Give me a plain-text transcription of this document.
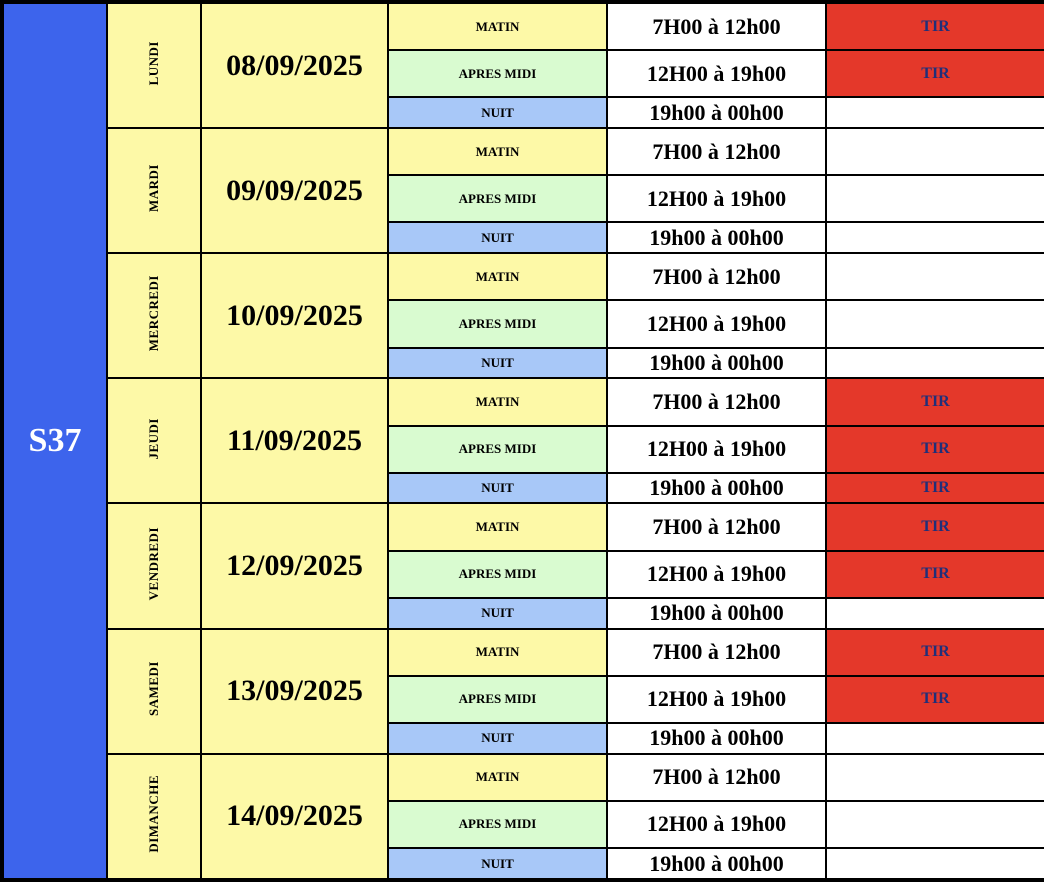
S37	LUNDI	08/09/2025	MATIN	7H00 à 12h00	TIR
			APRES MIDI	12H00 à 19h00	TIR
			NUIT	19h00 à 00h00	
	MARDI	09/09/2025	MATIN	7H00 à 12h00	
			APRES MIDI	12H00 à 19h00	
			NUIT	19h00 à 00h00	
	MERCREDI	10/09/2025	MATIN	7H00 à 12h00	
			APRES MIDI	12H00 à 19h00	
			NUIT	19h00 à 00h00	
	JEUDI	11/09/2025	MATIN	7H00 à 12h00	TIR
			APRES MIDI	12H00 à 19h00	TIR
			NUIT	19h00 à 00h00	TIR
	VENDREDI	12/09/2025	MATIN	7H00 à 12h00	TIR
			APRES MIDI	12H00 à 19h00	TIR
			NUIT	19h00 à 00h00	
	SAMEDI	13/09/2025	MATIN	7H00 à 12h00	TIR
			APRES MIDI	12H00 à 19h00	TIR
			NUIT	19h00 à 00h00	
	DIMANCHE	14/09/2025	MATIN	7H00 à 12h00	
			APRES MIDI	12H00 à 19h00	
			NUIT	19h00 à 00h00	
